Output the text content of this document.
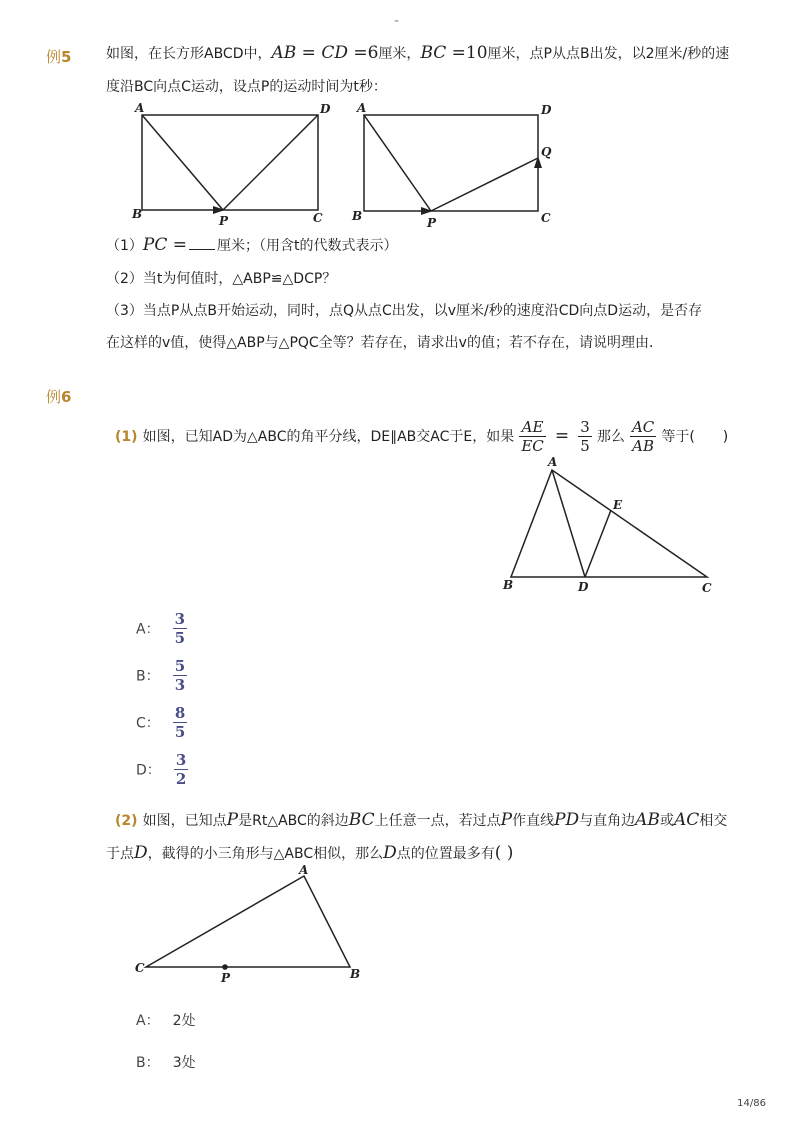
-
例5 如图，在长方形ABCD中，AB = CD =6厘米，BC =10厘米，点P从点B出发，以2厘米/秒的速
度沿BC向点C运动，设点P的运动时间为t秒：
A	D
B	P	C
A	D
B	P	C
Q
（1）PC = 厘米；（用含t的代数式表示）
（2）当t为何值时，△ABP≌△DCP？
（3）当点P从点B开始运动，同时，点Q从点C出发，以v厘米/秒的速度沿CD向点D运动，是否存
在这样的v值，使得△ABP与△PQC全等？若存在，请求出v的值；若不存在，请说明理由．
例6
(1) 如图，已知AD为△ABC的角平分线，DE∥AB交AC于E，如果 $\frac{AE}{EC} = \frac{3}{5}$ 那么 $\frac{AC}{AB}$ 等于(　　)
A
E
B	D	C
A： $\frac{3}{5}$
B： $\frac{5}{3}$
C： $\frac{8}{5}$
D： $\frac{3}{2}$
(2) 如图，已知点P是Rt△ABC的斜边BC上任意一点，若过点P作直线PD与直角边AB或AC相交
于点D，截得的小三角形与△ABC相似，那么D点的位置最多有( )
A
C
P	B
A： 2处
B： 3处
14/86
